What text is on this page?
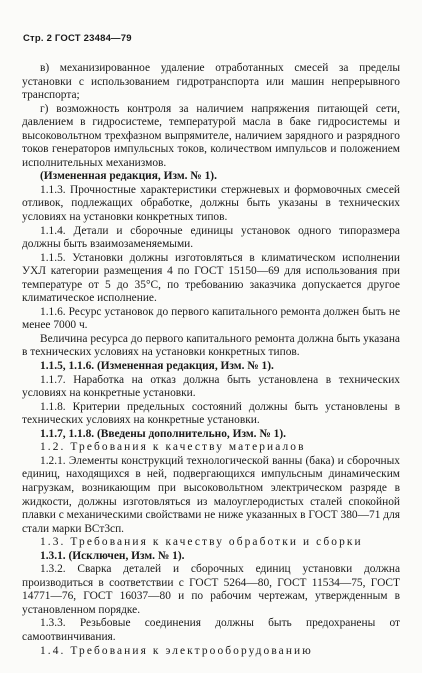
Стр. 2 ГОСТ 23484—79

в) механизированное удаление отработанных смесей за пределы установки с использованием гидротранспорта или машин непрерывного транспорта;

г) возможность контроля за наличием напряжения питающей сети, давлением в гидросистеме, температурой масла в баке гидросистемы и высоковольтном трехфазном выпрямителе, наличием зарядного и разрядного токов генераторов импульсных токов, количеством импульсов и положением исполнительных механизмов.

(Измененная редакция, Изм. № 1).

1.1.3. Прочностные характеристики стержневых и формовочных смесей отливок, подлежащих обработке, должны быть указаны в технических условиях на установки конкретных типов.

1.1.4. Детали и сборочные единицы установок одного типоразмера должны быть взаимозаменяемыми.

1.1.5. Установки должны изготовляться в климатическом исполнении УХЛ категории размещения 4 по ГОСТ 15150—69 для использования при температуре от 5 до 35°С, по требованию заказчика допускается другое климатическое исполнение.

1.1.6. Ресурс установок до первого капитального ремонта должен быть не менее 7000 ч.

Величина ресурса до первого капитального ремонта должна быть указана в технических условиях на установки конкретных типов.

1.1.5, 1.1.6. (Измененная редакция, Изм. № 1).

1.1.7. Наработка на отказ должна быть установлена в технических условиях на конкретные установки.

1.1.8. Критерии предельных состояний должны быть установлены в технических условиях на конкретные установки.

1.1.7, 1.1.8. (Введены дополнительно, Изм. № 1).

1.2. Требования к качеству материалов

1.2.1. Элементы конструкций технологической ванны (бака) и сборочных единиц, находящихся в ней, подвергающихся импульсным динамическим нагрузкам, возникающим при высоковольтном электрическом разряде в жидкости, должны изготовляться из малоуглеродистых сталей спокойной плавки с механическими свойствами не ниже указанных в ГОСТ 380—71 для стали марки ВСт3сп.

1.3. Требования к качеству обработки и сборки

1.3.1. (Исключен, Изм. № 1).

1.3.2. Сварка деталей и сборочных единиц установки должна производиться в соответствии с ГОСТ 5264—80, ГОСТ 11534—75, ГОСТ 14771—76, ГОСТ 16037—80 и по рабочим чертежам, утвержденным в установленном порядке.

1.3.3. Резьбовые соединения должны быть предохранены от самоотвинчивания.

1.4. Требования к электрооборудованию
